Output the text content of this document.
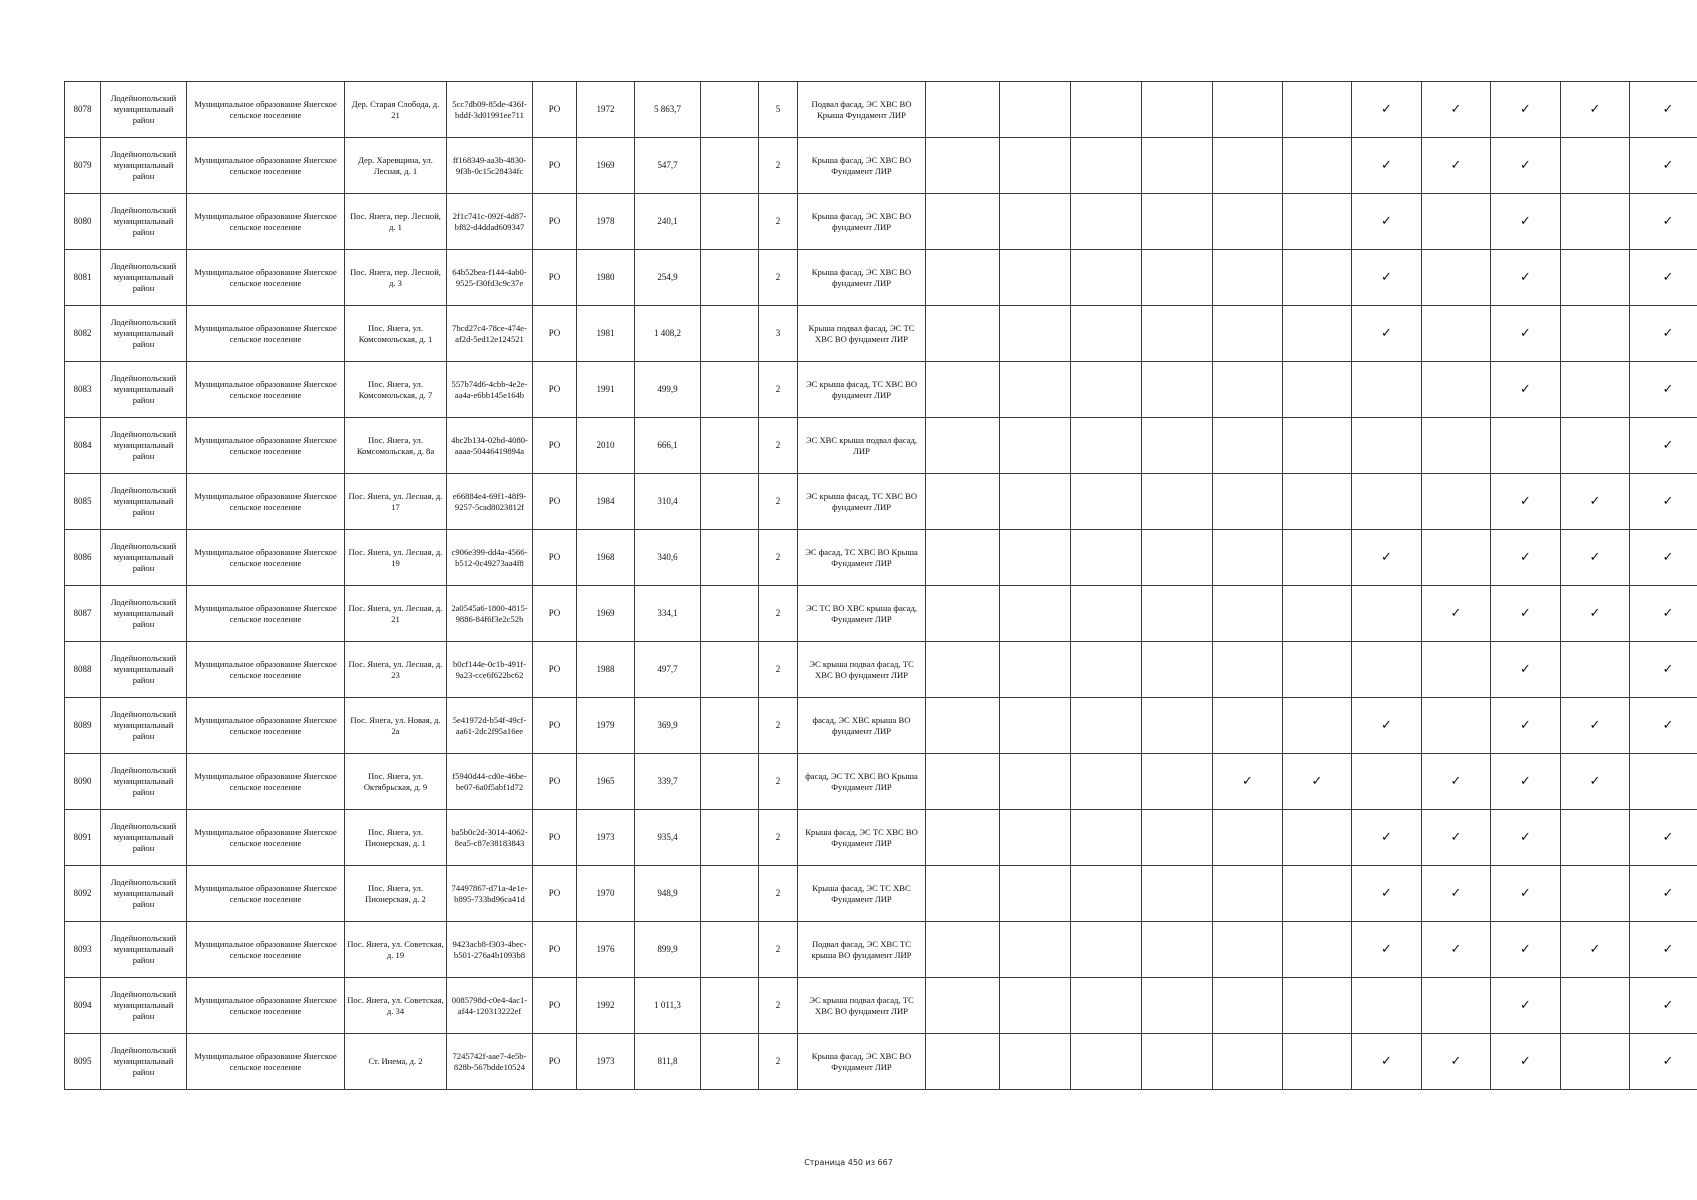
8078	Лодейнопольский муниципальный район	Муниципальное образование Янегское сельское поселение	Дер. Старая Слобода, д. 21	5cc7db09-85de-436f-bddf-3d01991ee711	РО	1972	5 863,7		5	Подвал фасад, ЭС ХВС ВО Крыша Фундамент ЛИР							✓	✓	✓	✓	✓
8079	Лодейнопольский муниципальный район	Муниципальное образование Янегское сельское поселение	Дер. Харевщина, ул. Лесная, д. 1	ff168349-aa3b-4830-9f3b-0c15c28434fc	РО	1969	547,7		2	Крыша фасад, ЭС ХВС ВО Фундамент ЛИР							✓	✓	✓		✓
8080	Лодейнопольский муниципальный район	Муниципальное образование Янегское сельское поселение	Пос. Янега, пер. Лесной, д. 1	2f1c741c-092f-4d87-bf82-d4ddad609347	РО	1978	240,1		2	Крыша фасад, ЭС ХВС ВО фундамент ЛИР							✓		✓		✓
8081	Лодейнопольский муниципальный район	Муниципальное образование Янегское сельское поселение	Пос. Янега, пер. Лесной, д. 3	64b52bea-f144-4ab0-9525-f30fd3c9c37e	РО	1980	254,9		2	Крыша фасад, ЭС ХВС ВО фундамент ЛИР							✓		✓		✓
8082	Лодейнопольский муниципальный район	Муниципальное образование Янегское сельское поселение	Пос. Янега, ул. Комсомольская, д. 1	7bcd27c4-78ce-474e-af2d-5ed12e124521	РО	1981	1 408,2		3	Крыша подвал фасад, ЭС ТС ХВС ВО фундамент ЛИР							✓		✓		✓
8083	Лодейнопольский муниципальный район	Муниципальное образование Янегское сельское поселение	Пос. Янега, ул. Комсомольская, д. 7	557b74d6-4cbb-4e2e-aa4a-e6bb145e164b	РО	1991	499,9		2	ЭС крыша фасад, ТС ХВС ВО фундамент ЛИР									✓		✓
8084	Лодейнопольский муниципальный район	Муниципальное образование Янегское сельское поселение	Пос. Янега, ул. Комсомольская, д. 8а	4bc2b134-02bd-4080-aaaa-50446419894a	РО	2010	666,1		2	ЭС ХВС крыша подвал фасад, ЛИР											✓
8085	Лодейнопольский муниципальный район	Муниципальное образование Янегское сельское поселение	Пос. Янега, ул. Лесная, д. 17	e66884e4-69f1-48f9-9257-5cad8023812f	РО	1984	310,4		2	ЭС крыша фасад, ТС ХВС ВО фундамент ЛИР									✓	✓	✓
8086	Лодейнопольский муниципальный район	Муниципальное образование Янегское сельское поселение	Пос. Янега, ул. Лесная, д. 19	c906e399-dd4a-4566-b512-0c49273aa4f8	РО	1968	340,6		2	ЭС фасад, ТС ХВС ВО Крыша Фундамент ЛИР							✓		✓	✓	✓
8087	Лодейнопольский муниципальный район	Муниципальное образование Янегское сельское поселение	Пос. Янега, ул. Лесная, д. 21	2a0545a6-1800-4815-9886-84f6f3e2c52b	РО	1969	334,1		2	ЭС ТС ВО ХВС крыша фасад, Фундамент ЛИР								✓	✓	✓	✓
8088	Лодейнопольский муниципальный район	Муниципальное образование Янегское сельское поселение	Пос. Янега, ул. Лесная, д. 23	b0cf144e-0c1b-491f-9a23-cce6f622bc62	РО	1988	497,7		2	ЭС крыша подвал фасад, ТС ХВС ВО фундамент ЛИР									✓		✓
8089	Лодейнопольский муниципальный район	Муниципальное образование Янегское сельское поселение	Пос. Янега, ул. Новая, д. 2а	5e41972d-b54f-49cf-aa61-2dc2f95a16ee	РО	1979	369,9		2	фасад, ЭС ХВС крыша ВО фундамент ЛИР							✓		✓	✓	✓
8090	Лодейнопольский муниципальный район	Муниципальное образование Янегское сельское поселение	Пос. Янега, ул. Октябрьская, д. 9	f5940d44-cd0e-46be-be07-6a0f5abf1d72	РО	1965	339,7		2	фасад, ЭС ТС ХВС ВО Крыша Фундамент ЛИР					✓	✓		✓	✓	✓	
8091	Лодейнопольский муниципальный район	Муниципальное образование Янегское сельское поселение	Пос. Янега, ул. Пионерская, д. 1	ba5b0c2d-3014-4062-8ea5-c87e38183843	РО	1973	935,4		2	Крыша фасад, ЭС ТС ХВС ВО Фундамент ЛИР							✓	✓	✓		✓
8092	Лодейнопольский муниципальный район	Муниципальное образование Янегское сельское поселение	Пос. Янега, ул. Пионерская, д. 2	74497867-d71a-4e1e-b895-733bd96ca41d	РО	1970	948,9		2	Крыша фасад, ЭС ТС ХВС Фундамент ЛИР							✓	✓	✓		✓
8093	Лодейнопольский муниципальный район	Муниципальное образование Янегское сельское поселение	Пос. Янега, ул. Советская, д. 19	9423acb8-f303-4bec-b501-276a4b1093b8	РО	1976	899,9		2	Подвал фасад, ЭС ХВС ТС крыша ВО фундамент ЛИР							✓	✓	✓	✓	✓
8094	Лодейнопольский муниципальный район	Муниципальное образование Янегское сельское поселение	Пос. Янега, ул. Советская, д. 34	0085798d-c0e4-4ac1-af44-120313222ef	РО	1992	1 011,3		2	ЭС крыша подвал фасад, ТС ХВС ВО фундамент ЛИР									✓		✓
8095	Лодейнопольский муниципальный район	Муниципальное образование Янегское сельское поселение	Ст. Инема, д. 2	7245742f-aae7-4e5b-828b-567bdde10524	РО	1973	811,8		2	Крыша фасад, ЭС ХВС ВО Фундамент ЛИР							✓	✓	✓		✓
Страница 450 из 667
